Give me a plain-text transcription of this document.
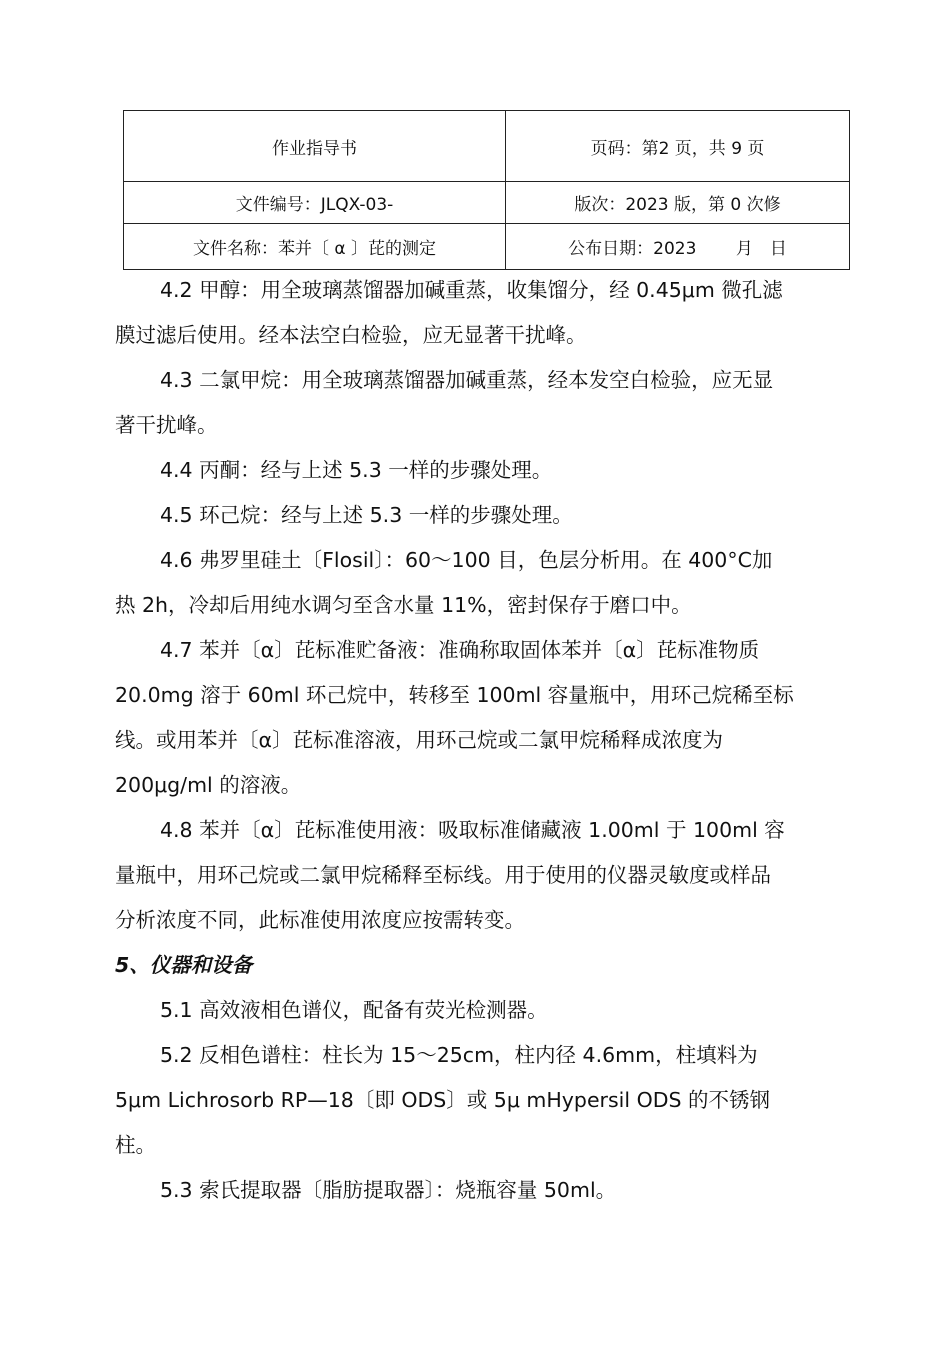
作业指导书	页码：第2 页，共 9 页
文件编号：JLQX-03-	版次：2023 版，第 0 次修
文件名称：苯并〔 α 〕芘的测定	公布日期：2023　　 月　日

4.2 甲醇：用全玻璃蒸馏器加碱重蒸，收集馏分，经 0.45μm 微孔滤

膜过滤后使用。经本法空白检验，应无显著干扰峰。

4.3 二氯甲烷：用全玻璃蒸馏器加碱重蒸，经本发空白检验，应无显

著干扰峰。

4.4 丙酮：经与上述 5.3 一样的步骤处理。

4.5 环己烷：经与上述 5.3 一样的步骤处理。

4.6 弗罗里硅土〔Flosil〕：60～100 目，色层分析用。在 400°C加

热 2h，冷却后用纯水调匀至含水量 11%，密封保存于磨口中。

4.7 苯并〔α〕芘标准贮备液：准确称取固体苯并〔α〕芘标准物质

20.0mg 溶于 60ml 环己烷中，转移至 100ml 容量瓶中，用环己烷稀至标

线。或用苯并〔α〕芘标准溶液，用环己烷或二氯甲烷稀释成浓度为

200μg/ml 的溶液。

4.8 苯并〔α〕芘标准使用液：吸取标准储藏液 1.00ml 于 100ml 容

量瓶中，用环己烷或二氯甲烷稀释至标线。用于使用的仪器灵敏度或样品

分析浓度不同，此标准使用浓度应按需转变。

5、仪器和设备

5.1 高效液相色谱仪，配备有荧光检测器。

5.2 反相色谱柱：柱长为 15～25cm，柱内径 4.6mm，柱填料为

5μm Lichrosorb RP—18〔即 ODS〕或 5μ mHypersil ODS 的不锈钢

柱。

5.3 索氏提取器〔脂肪提取器〕：烧瓶容量 50ml。
